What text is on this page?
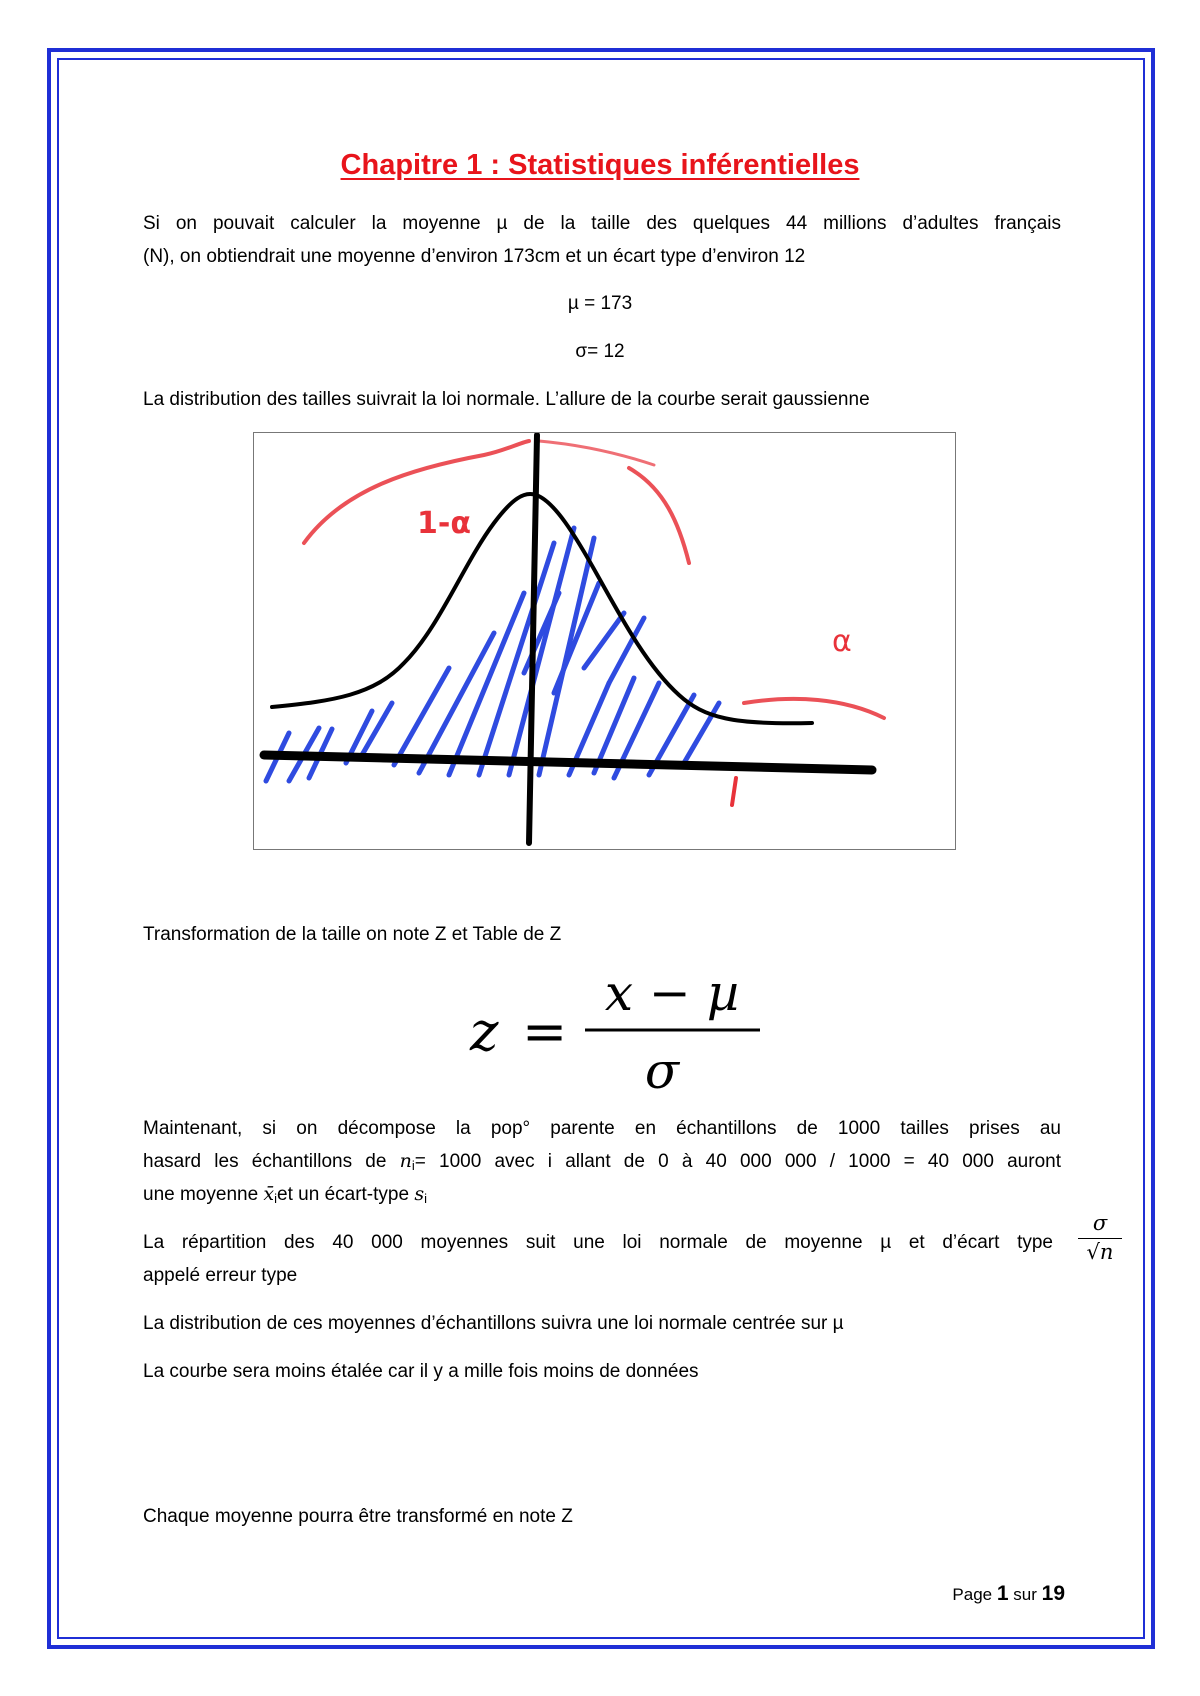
Chapitre 1 : Statistiques inférentielles
Si on pouvait calculer la moyenne µ de la taille des quelques 44 millions d’adultes français
(N), on obtiendrait une moyenne d’environ 173cm et un écart type d’environ 12
µ = 173
σ= 12
La distribution des tailles suivrait la loi normale. L’allure de la courbe serait gaussienne
1-α
α
Transformation de la taille on note Z et Table de Z
z =
x − µ
σ
Maintenant, si on décompose la pop° parente en échantillons de 1000 tailles prises au
hasard les échantillons de $n_i= 1000$ avec i allant de 0 à 40 000 000 / 1000 = 40 000 auront
une moyenne $x̄_iet$ un écart-type $s_i$
La répartition des 40 000 moyennes suit une loi normale de moyenne µ et d’écart type
appelé erreur type
$\frac{\sigma}{√n}$
La distribution de ces moyennes d’échantillons suivra une loi normale centrée sur µ
La courbe sera moins étalée car il y a mille fois moins de données
Chaque moyenne pourra être transformé en note Z
Page 1 sur 19
